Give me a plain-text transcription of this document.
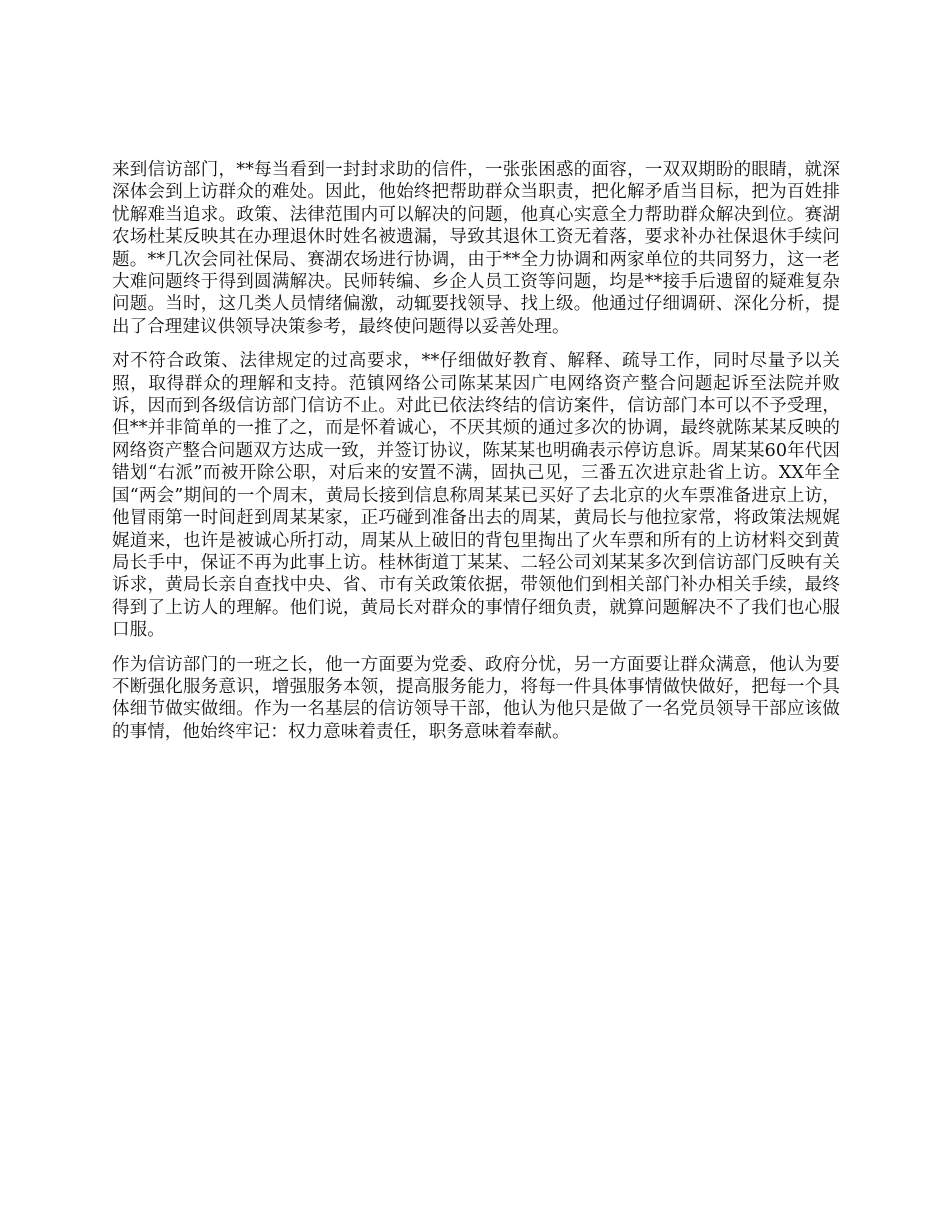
来到信访部门，**每当看到一封封求助的信件，一张张困惑的面容，一双双期盼的眼睛，就深深体会到上访群众的难处。因此，他始终把帮助群众当职责，把化解矛盾当目标，把为百姓排忧解难当追求。政策、法律范围内可以解决的问题，他真心实意全力帮助群众解决到位。赛湖农场杜某反映其在办理退休时姓名被遗漏，导致其退休工资无着落，要求补办社保退休手续问题。**几次会同社保局、赛湖农场进行协调，由于**全力协调和两家单位的共同努力，这一老大难问题终于得到圆满解决。民师转编、乡企人员工资等问题，均是**接手后遗留的疑难复杂问题。当时，这几类人员情绪偏激，动辄要找领导、找上级。他通过仔细调研、深化分析，提出了合理建议供领导决策参考，最终使问题得以妥善处理。

对不符合政策、法律规定的过高要求，**仔细做好教育、解释、疏导工作，同时尽量予以关照，取得群众的理解和支持。范镇网络公司陈某某因广电网络资产整合问题起诉至法院并败诉，因而到各级信访部门信访不止。对此已依法终结的信访案件，信访部门本可以不予受理，但**并非简单的一推了之，而是怀着诚心，不厌其烦的通过多次的协调，最终就陈某某反映的网络资产整合问题双方达成一致，并签订协议，陈某某也明确表示停访息诉。周某某60年代因错划“右派”而被开除公职，对后来的安置不满，固执己见，三番五次进京赴省上访。XX年全国“两会”期间的一个周末，黄局长接到信息称周某某已买好了去北京的火车票准备进京上访，他冒雨第一时间赶到周某某家，正巧碰到准备出去的周某，黄局长与他拉家常，将政策法规娓娓道来，也许是被诚心所打动，周某从上破旧的背包里掏出了火车票和所有的上访材料交到黄局长手中，保证不再为此事上访。桂林街道丁某某、二轻公司刘某某多次到信访部门反映有关诉求，黄局长亲自查找中央、省、市有关政策依据，带领他们到相关部门补办相关手续，最终得到了上访人的理解。他们说，黄局长对群众的事情仔细负责，就算问题解决不了我们也心服口服。

作为信访部门的一班之长，他一方面要为党委、政府分忧，另一方面要让群众满意，他认为要不断强化服务意识，增强服务本领，提高服务能力，将每一件具体事情做快做好，把每一个具体细节做实做细。作为一名基层的信访领导干部，他认为他只是做了一名党员领导干部应该做的事情，他始终牢记：权力意味着责任，职务意味着奉献。
